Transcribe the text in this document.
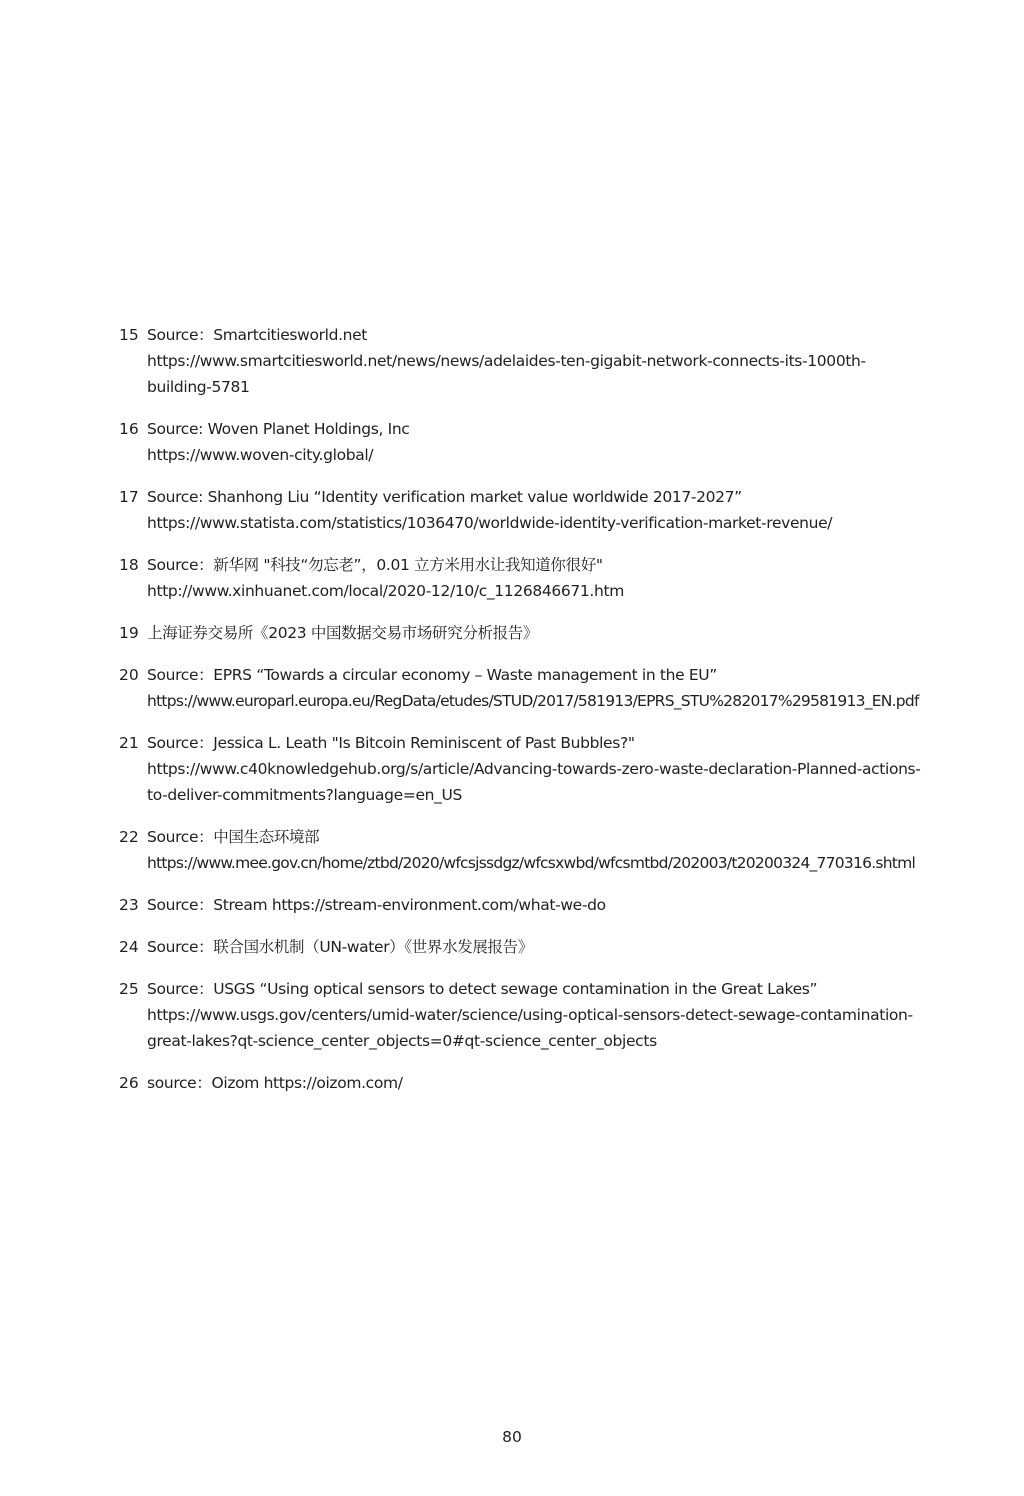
15 Source：Smartcitiesworld.net
https://www.smartcitiesworld.net/news/news/adelaides-ten-gigabit-network-connects-its-1000th-
building-5781
16 Source: Woven Planet Holdings, Inc
https://www.woven-city.global/
17 Source: Shanhong Liu “Identity verification market value worldwide 2017-2027”
https://www.statista.com/statistics/1036470/worldwide-identity-verification-market-revenue/
18 Source：新华网 "科技“勿忘老”，0.01 立方米用水让我知道你很好"
http://www.xinhuanet.com/local/2020-12/10/c_1126846671.htm
19 上海证券交易所《2023 中国数据交易市场研究分析报告》
20 Source：EPRS “Towards a circular economy – Waste management in the EU”
https://www.europarl.europa.eu/RegData/etudes/STUD/2017/581913/EPRS_STU%282017%29581913_EN.pdf
21 Source：Jessica L. Leath "Is Bitcoin Reminiscent of Past Bubbles?"
https://www.c40knowledgehub.org/s/article/Advancing-towards-zero-waste-declaration-Planned-actions-
to-deliver-commitments?language=en_US
22 Source：中国生态环境部
https://www.mee.gov.cn/home/ztbd/2020/wfcsjssdgz/wfcsxwbd/wfcsmtbd/202003/t20200324_770316.shtml
23 Source：Stream https://stream-environment.com/what-we-do
24 Source：联合国水机制（UN-water）《世界水发展报告》
25 Source：USGS “Using optical sensors to detect sewage contamination in the Great Lakes”
https://www.usgs.gov/centers/umid-water/science/using-optical-sensors-detect-sewage-contamination-
great-lakes?qt-science_center_objects=0#qt-science_center_objects
26 source：Oizom https://oizom.com/
80
